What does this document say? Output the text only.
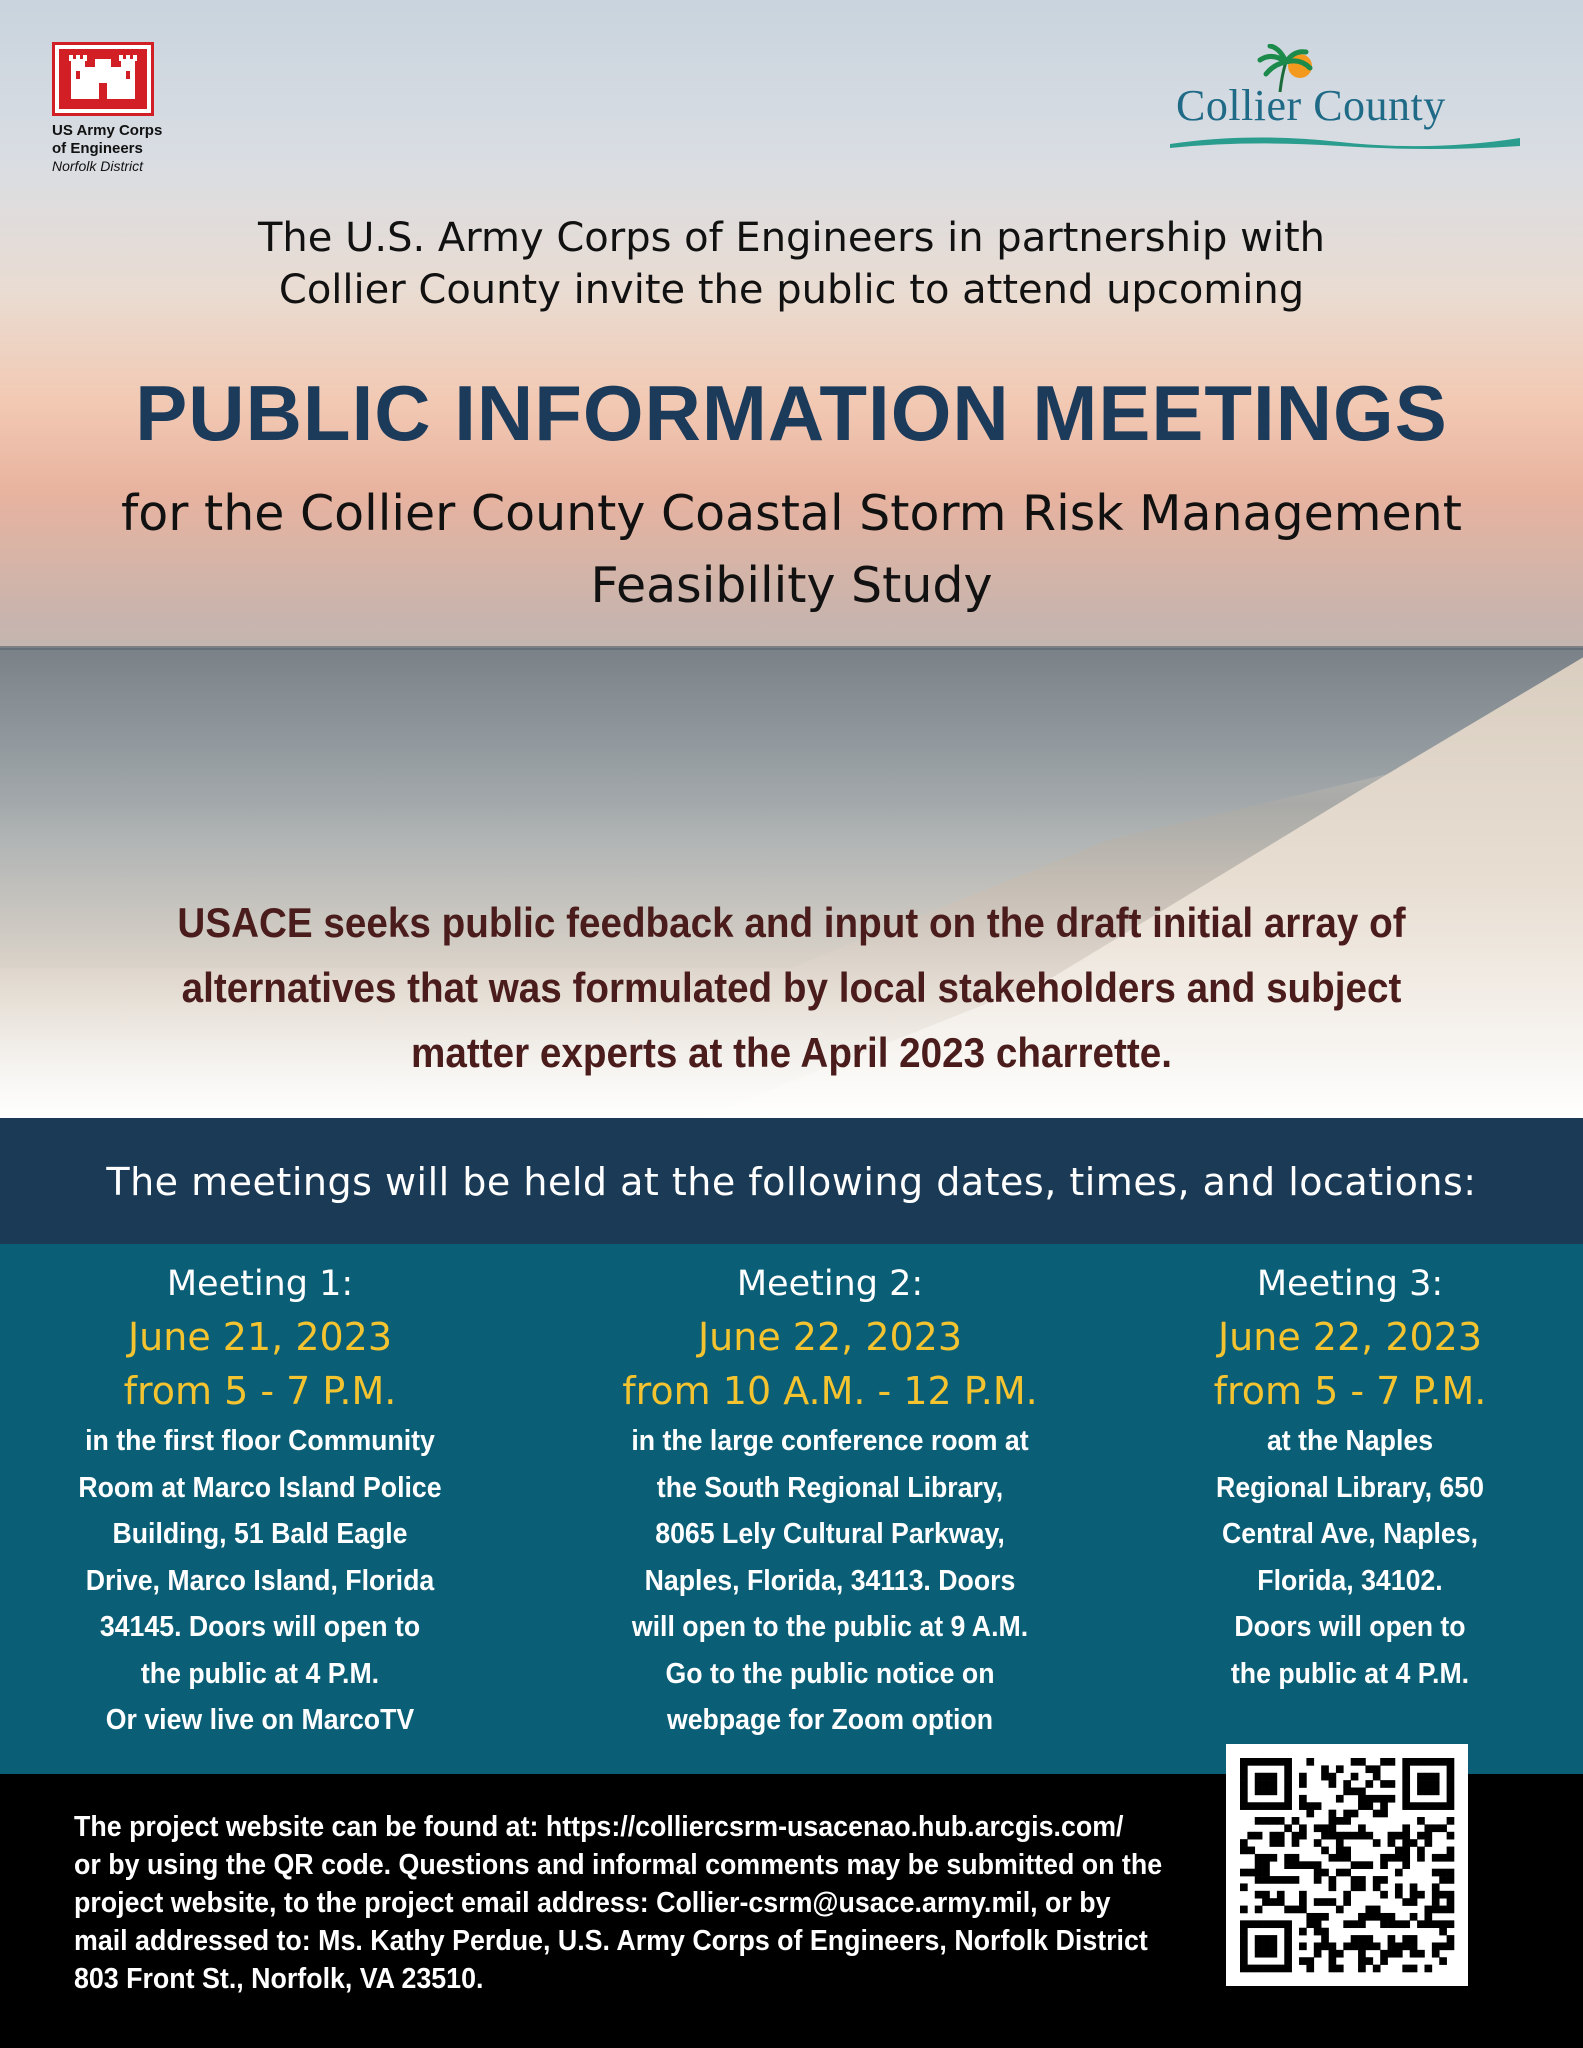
US Army Corps
of Engineers
Norfolk District
Collier County
The U.S. Army Corps of Engineers in partnership with
Collier County invite the public to attend upcoming
PUBLIC INFORMATION MEETINGS
for the Collier County Coastal Storm Risk Management
Feasibility Study
USACE seeks public feedback and input on the draft initial array of
alternatives that was formulated by local stakeholders and subject
matter experts at the April 2023 charrette.
The meetings will be held at the following dates, times, and locations:
Meeting 1:
June 21, 2023
from 5 - 7 P.M.
in the first floor Community
Room at Marco Island Police
Building, 51 Bald Eagle
Drive, Marco Island, Florida
34145. Doors will open to
the public at 4 P.M.
Or view live on MarcoTV
Meeting 2:
June 22, 2023
from 10 A.M. - 12 P.M.
in the large conference room at
the South Regional Library,
8065 Lely Cultural Parkway,
Naples, Florida, 34113. Doors
will open to the public at 9 A.M.
Go to the public notice on
webpage for Zoom option
Meeting 3:
June 22, 2023
from 5 - 7 P.M.
at the Naples
Regional Library, 650
Central Ave, Naples,
Florida, 34102.
Doors will open to
the public at 4 P.M.
The project website can be found at: https://colliercsrm-usacenao.hub.arcgis.com/
or by using the QR code. Questions and informal comments may be submitted on the
project website, to the project email address: Collier-csrm@usace.army.mil, or by
mail addressed to: Ms. Kathy Perdue, U.S. Army Corps of Engineers, Norfolk District
803 Front St., Norfolk, VA 23510.
